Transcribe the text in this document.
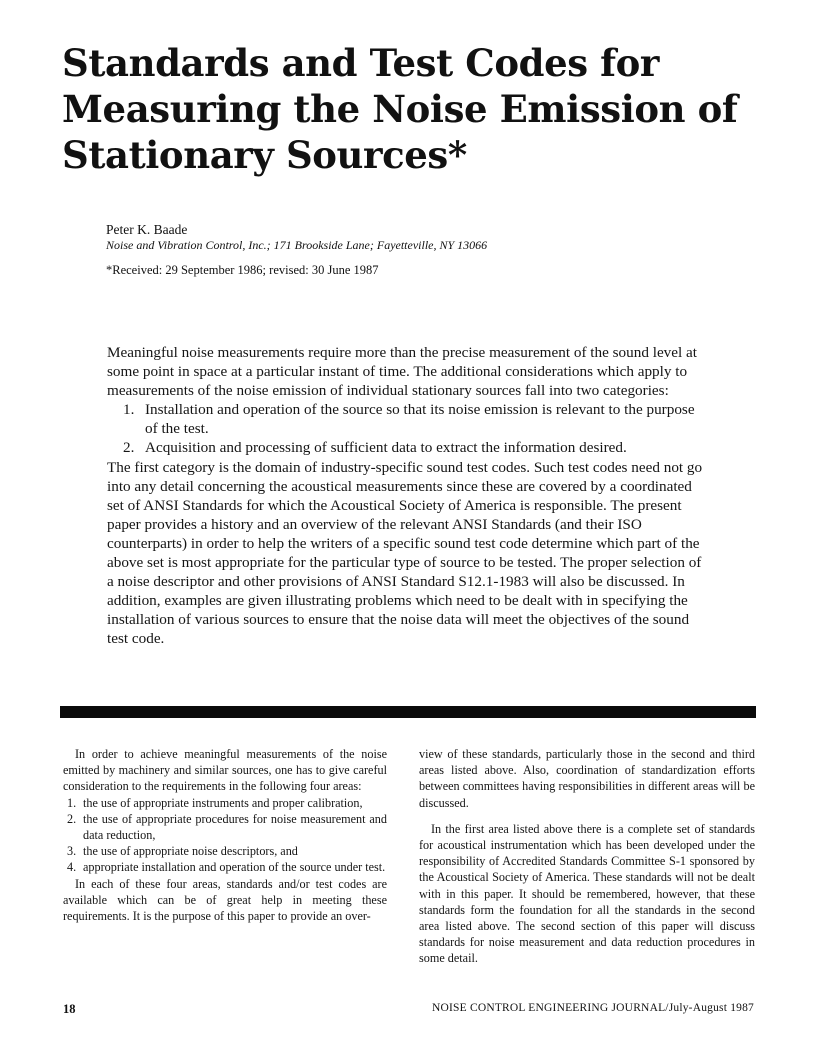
Standards and Test Codes for
Measuring the Noise Emission of
Stationary Sources*
Peter K. Baade
Noise and Vibration Control, Inc.; 171 Brookside Lane; Fayetteville, NY 13066
*Received: 29 September 1986; revised: 30 June 1987

Meaningful noise measurements require more than the precise measurement of the sound level at some point in space at a particular instant of time. The additional considerations which apply to measurements of the noise emission of individual stationary sources fall into two categories:

1. Installation and operation of the source so that its noise emission is relevant to the purpose of the test.
2. Acquisition and processing of sufficient data to extract the information desired.

The first category is the domain of industry-specific sound test codes. Such test codes need not go into any detail concerning the acoustical measurements since these are covered by a coordinated set of ANSI Standards for which the Acoustical Society of America is responsible. The present paper provides a history and an overview of the relevant ANSI Standards (and their ISO counterparts) in order to help the writers of a specific sound test code determine which part of the above set is most appropriate for the particular type of source to be tested. The proper selection of a noise descriptor and other provisions of ANSI Standard S12.1-1983 will also be discussed. In addition, examples are given illustrating problems which need to be dealt with in specifying the installation of various sources to ensure that the noise data will meet the objectives of the sound test code.

In order to achieve meaningful measurements of the noise emitted by machinery and similar sources, one has to give careful consideration to the requirements in the following four areas:

1. the use of appropriate instruments and proper calibration,
2. the use of appropriate procedures for noise measurement and data reduction,
3. the use of appropriate noise descriptors, and
4. appropriate installation and operation of the source under test.

In each of these four areas, standards and/or test codes are available which can be of great help in meeting these requirements. It is the purpose of this paper to provide an over-

view of these standards, particularly those in the second and third areas listed above. Also, coordination of standardization efforts between committees having responsibilities in different areas will be discussed.

In the first area listed above there is a complete set of standards for acoustical instrumentation which has been developed under the responsibility of Accredited Standards Committee S-1 sponsored by the Acoustical Society of America. These standards will not be dealt with in this paper. It should be remembered, however, that these standards form the foundation for all the standards in the second area listed above. The second section of this paper will discuss standards for noise measurement and data reduction procedures in some detail.

18	NOISE CONTROL ENGINEERING JOURNAL/July-August 1987
